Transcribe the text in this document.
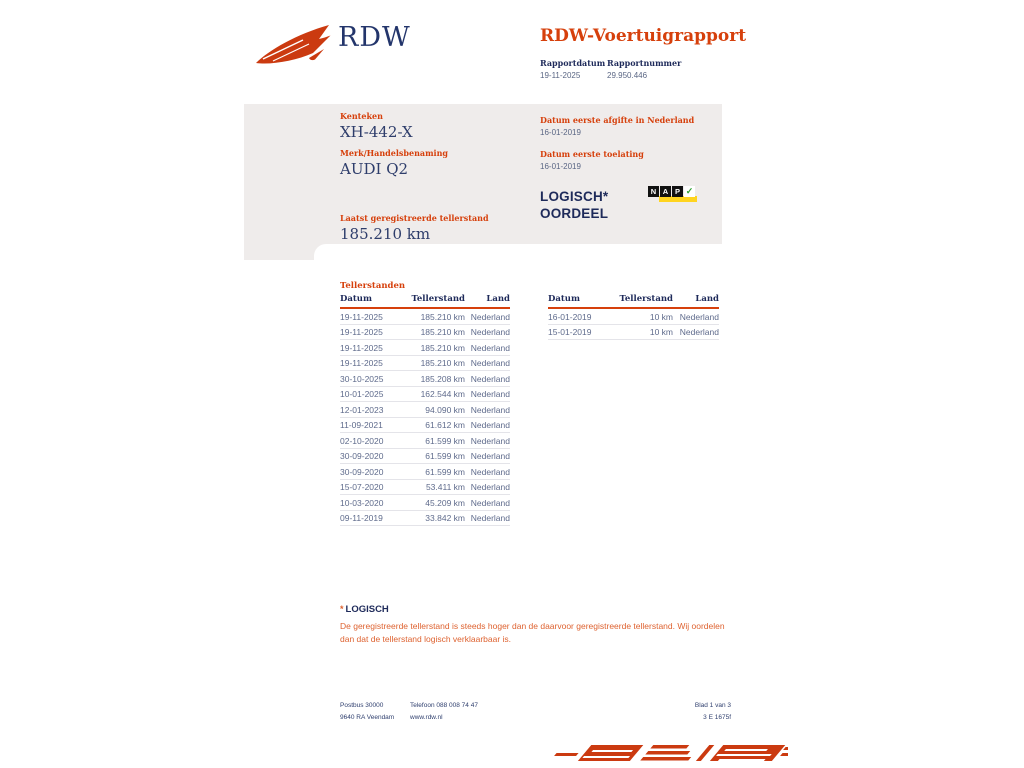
RDW	RDW-Voertuigrapport
Rapportdatum
19-11-2025
Rapportnummer
29.950.446
Kenteken
XH-442-X
Merk/Handelsbenaming
AUDI Q2
Laatst geregistreerde tellerstand
185.210 km
Datum eerste afgifte in Nederland
16-01-2019
Datum eerste toelating
16-01-2019
LOGISCH*
OORDEEL
N A P ✓
Tellerstanden
Datum	Tellerstand	Land
19-11-2025	185.210 km	Nederland
19-11-2025	185.210 km	Nederland
19-11-2025	185.210 km	Nederland
19-11-2025	185.210 km	Nederland
30-10-2025	185.208 km	Nederland
10-01-2025	162.544 km	Nederland
12-01-2023	94.090 km	Nederland
11-09-2021	61.612 km	Nederland
02-10-2020	61.599 km	Nederland
30-09-2020	61.599 km	Nederland
30-09-2020	61.599 km	Nederland
15-07-2020	53.411 km	Nederland
10-03-2020	45.209 km	Nederland
09-11-2019	33.842 km	Nederland
Datum	Tellerstand	Land
16-01-2019	10 km	Nederland
15-01-2019	10 km	Nederland
* LOGISCH
De geregistreerde tellerstand is steeds hoger dan de daarvoor geregistreerde tellerstand. Wij oordelen dan dat de tellerstand logisch verklaarbaar is.
Postbus 30000
9640 RA Veendam
Telefoon 088 008 74 47
www.rdw.nl
Blad 1 van 3
3 E 1675f
